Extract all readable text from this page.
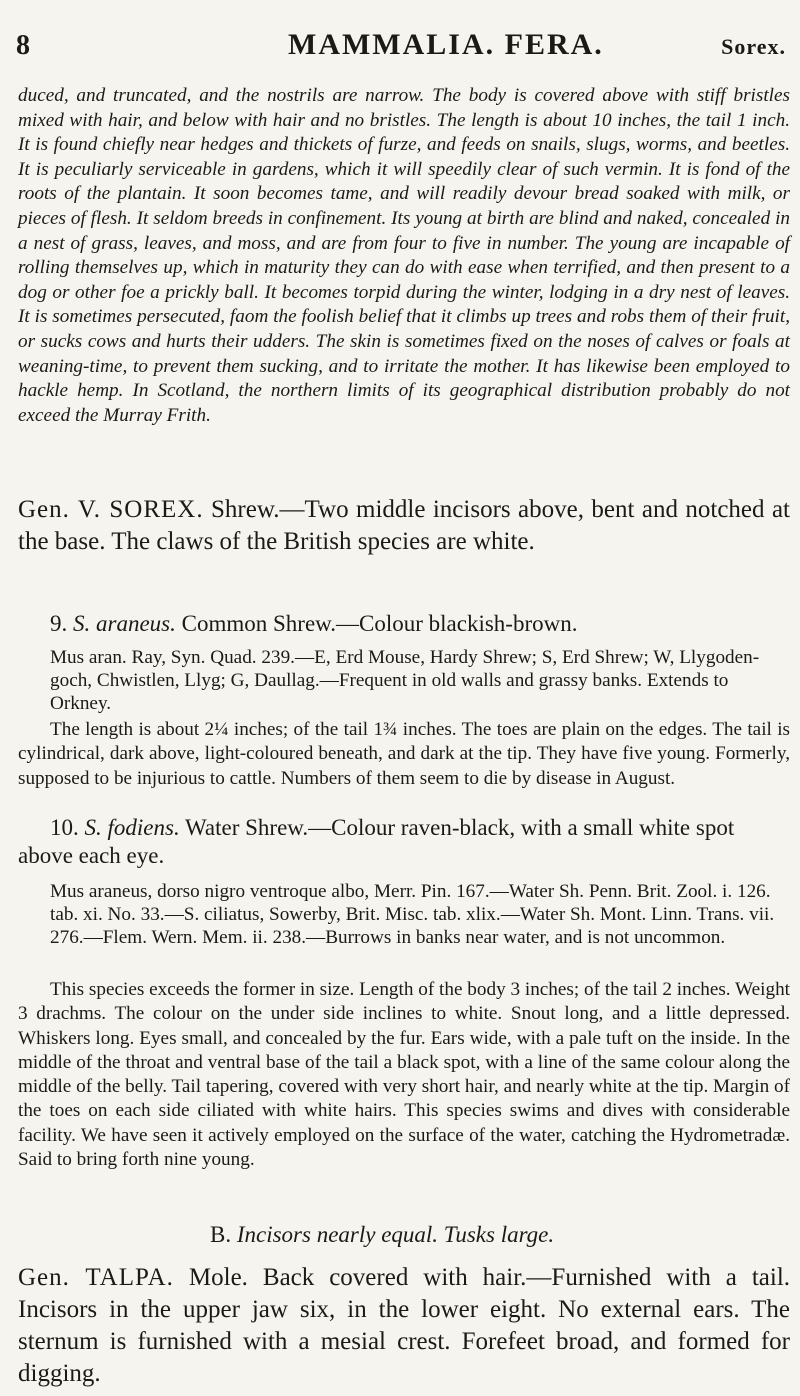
8	MAMMALIA. FERA.	Sorex.

duced, and truncated, and the nostrils are narrow. The body is covered above with stiff bristles mixed with hair, and below with hair and no bristles. The length is about 10 inches, the tail 1 inch. It is found chiefly near hedges and thickets of furze, and feeds on snails, slugs, worms, and beetles. It is peculiarly serviceable in gardens, which it will speedily clear of such vermin. It is fond of the roots of the plantain. It soon becomes tame, and will readily devour bread soaked with milk, or pieces of flesh. It seldom breeds in confinement. Its young at birth are blind and naked, concealed in a nest of grass, leaves, and moss, and are from four to five in number. The young are incapable of rolling themselves up, which in maturity they can do with ease when terrified, and then present to a dog or other foe a prickly ball. It becomes torpid during the winter, lodging in a dry nest of leaves. It is sometimes persecuted, faom the foolish belief that it climbs up trees and robs them of their fruit, or sucks cows and hurts their udders. The skin is sometimes fixed on the noses of calves or foals at weaning-time, to prevent them sucking, and to irritate the mother. It has likewise been employed to hackle hemp. In Scotland, the northern limits of its geographical distribution probably do not exceed the Murray Frith.

Gen. V. SOREX. Shrew.—Two middle incisors above, bent and notched at the base. The claws of the British species are white.
9. S. araneus. Common Shrew.—Colour blackish-brown.

Mus aran. Ray, Syn. Quad. 239.—E, Erd Mouse, Hardy Shrew; S, Erd Shrew; W, Llygoden-goch, Chwistlen, Llyg; G, Daullag.—Frequent in old walls and grassy banks. Extends to Orkney.

The length is about 2¼ inches; of the tail 1¾ inches. The toes are plain on the edges. The tail is cylindrical, dark above, light-coloured beneath, and dark at the tip. They have five young. Formerly, supposed to be injurious to cattle. Numbers of them seem to die by disease in August.

10. S. fodiens. Water Shrew.—Colour raven-black, with a small white spot above each eye.

Mus araneus, dorso nigro ventroque albo, Merr. Pin. 167.—Water Sh. Penn. Brit. Zool. i. 126. tab. xi. No. 33.—S. ciliatus, Sowerby, Brit. Misc. tab. xlix.—Water Sh. Mont. Linn. Trans. vii. 276.—Flem. Wern. Mem. ii. 238.—Burrows in banks near water, and is not uncommon.

This species exceeds the former in size. Length of the body 3 inches; of the tail 2 inches. Weight 3 drachms. The colour on the under side inclines to white. Snout long, and a little depressed. Whiskers long. Eyes small, and concealed by the fur. Ears wide, with a pale tuft on the inside. In the middle of the throat and ventral base of the tail a black spot, with a line of the same colour along the middle of the belly. Tail tapering, covered with very short hair, and nearly white at the tip. Margin of the toes on each side ciliated with white hairs. This species swims and dives with considerable facility. We have seen it actively employed on the surface of the water, catching the Hydrometradæ. Said to bring forth nine young.

B. Incisors nearly equal. Tusks large.
Gen. TALPA. Mole. Back covered with hair.—Furnished with a tail. Incisors in the upper jaw six, in the lower eight. No external ears. The sternum is furnished with a mesial crest. Forefeet broad, and formed for digging.
